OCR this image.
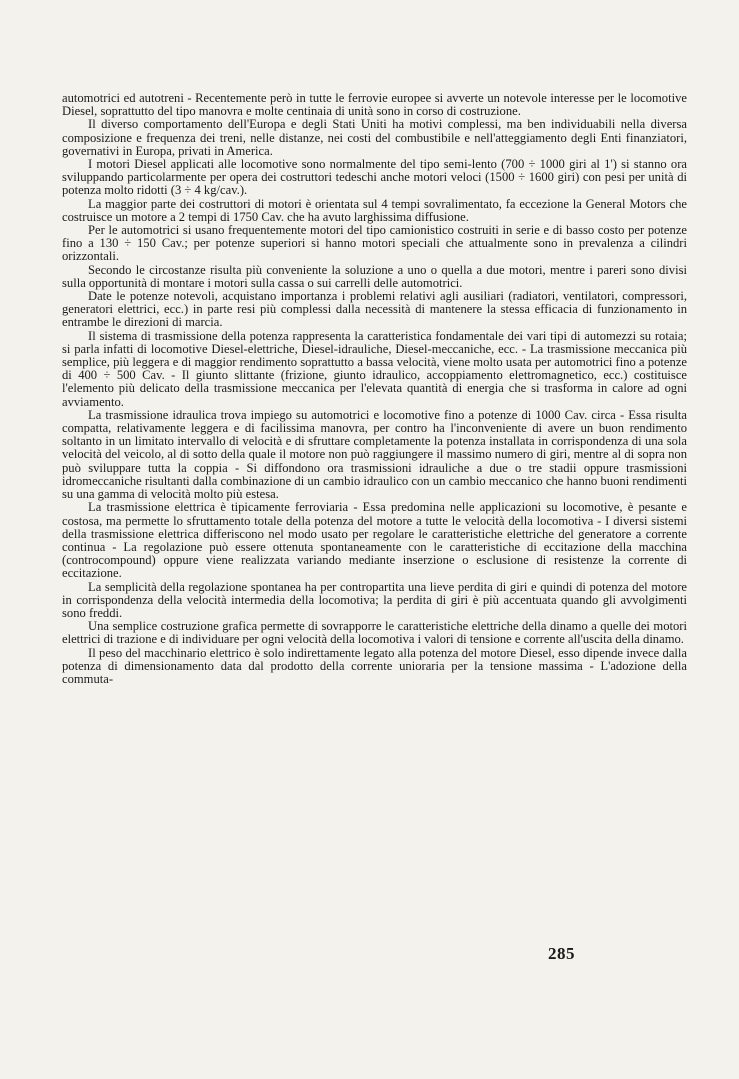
automotrici ed autotreni - Recentemente però in tutte le ferrovie europee si avverte un notevole interesse per le locomotive Diesel, soprattutto del tipo manovra e molte centinaia di unità sono in corso di costruzione.

Il diverso comportamento dell'Europa e degli Stati Uniti ha motivi complessi, ma ben individuabili nella diversa composizione e frequenza dei treni, nelle distanze, nei costi del combustibile e nell'atteggiamento degli Enti finanziatori, governativi in Europa, privati in America.

I motori Diesel applicati alle locomotive sono normalmente del tipo semi-lento (700 ÷ 1000 giri al 1') si stanno ora sviluppando particolarmente per opera dei costruttori tedeschi anche motori veloci (1500 ÷ 1600 giri) con pesi per unità di potenza molto ridotti (3 ÷ 4 kg/cav.).

La maggior parte dei costruttori di motori è orientata sul 4 tempi sovralimentato, fa eccezione la General Motors che costruisce un motore a 2 tempi di 1750 Cav. che ha avuto larghissima diffusione.

Per le automotrici si usano frequentemente motori del tipo camionistico costruiti in serie e di basso costo per potenze fino a 130 ÷ 150 Cav.; per potenze superiori si hanno motori speciali che attualmente sono in prevalenza a cilindri orizzontali.

Secondo le circostanze risulta più conveniente la soluzione a uno o quella a due motori, mentre i pareri sono divisi sulla opportunità di montare i motori sulla cassa o sui carrelli delle automotrici.

Date le potenze notevoli, acquistano importanza i problemi relativi agli ausiliari (radiatori, ventilatori, compressori, generatori elettrici, ecc.) in parte resi più complessi dalla necessità di mantenere la stessa efficacia di funzionamento in entrambe le direzioni di marcia.

Il sistema di trasmissione della potenza rappresenta la caratteristica fondamentale dei vari tipi di automezzi su rotaia; si parla infatti di locomotive Diesel-elettriche, Diesel-idrauliche, Diesel-meccaniche, ecc. - La trasmissione meccanica più semplice, più leggera e di maggior rendimento soprattutto a bassa velocità, viene molto usata per automotrici fino a potenze di 400 ÷ 500 Cav. - Il giunto slittante (frizione, giunto idraulico, accoppiamento elettromagnetico, ecc.) costituisce l'elemento più delicato della trasmissione meccanica per l'elevata quantità di energia che si trasforma in calore ad ogni avviamento.

La trasmissione idraulica trova impiego su automotrici e locomotive fino a potenze di 1000 Cav. circa - Essa risulta compatta, relativamente leggera e di facilissima manovra, per contro ha l'inconveniente di avere un buon rendimento soltanto in un limitato intervallo di velocità e di sfruttare completamente la potenza installata in corrispondenza di una sola velocità del veicolo, al di sotto della quale il motore non può raggiungere il massimo numero di giri, mentre al di sopra non può sviluppare tutta la coppia - Si diffondono ora trasmissioni idrauliche a due o tre stadii oppure trasmissioni idromeccaniche risultanti dalla combinazione di un cambio idraulico con un cambio meccanico che hanno buoni rendimenti su una gamma di velocità molto più estesa.

La trasmissione elettrica è tipicamente ferroviaria - Essa predomina nelle applicazioni su locomotive, è pesante e costosa, ma permette lo sfruttamento totale della potenza del motore a tutte le velocità della locomotiva - I diversi sistemi della trasmissione elettrica differiscono nel modo usato per regolare le caratteristiche elettriche del generatore a corrente continua - La regolazione può essere ottenuta spontaneamente con le caratteristiche di eccitazione della macchina (controcompound) oppure viene realizzata variando mediante inserzione o esclusione di resistenze la corrente di eccitazione.

La semplicità della regolazione spontanea ha per contropartita una lieve perdita di giri e quindi di potenza del motore in corrispondenza della velocità intermedia della locomotiva; la perdita di giri è più accentuata quando gli avvolgimenti sono freddi.

Una semplice costruzione grafica permette di sovrapporre le caratteristiche elettriche della dinamo a quelle dei motori elettrici di trazione e di individuare per ogni velocità della locomotiva i valori di tensione e corrente all'uscita della dinamo.

Il peso del macchinario elettrico è solo indirettamente legato alla potenza del motore Diesel, esso dipende invece dalla potenza di dimensionamento data dal prodotto della corrente unioraria per la tensione massima - L'adozione della commuta-

285
